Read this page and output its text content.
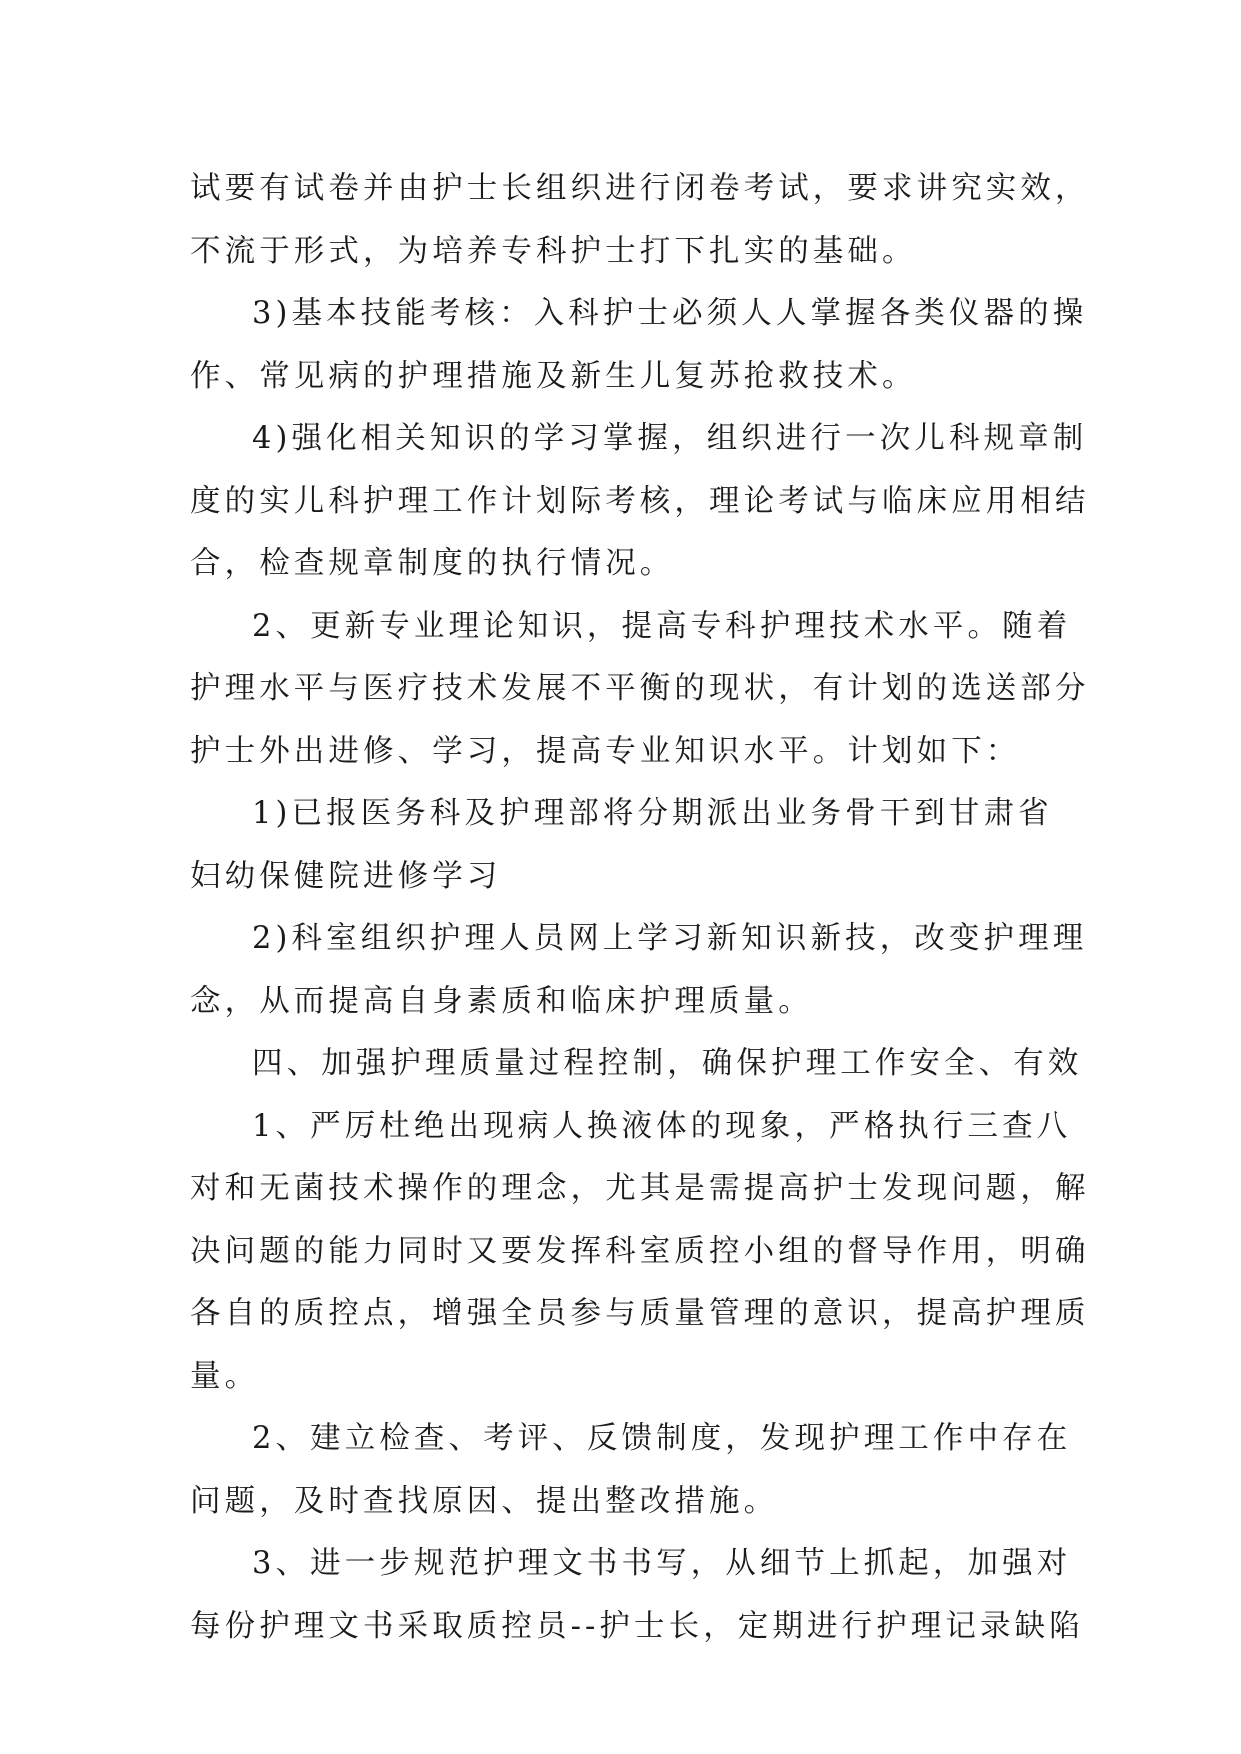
试要有试卷并由护士长组织进行闭卷考试，要求讲究实效，
不流于形式，为培养专科护士打下扎实的基础。

3)基本技能考核：入科护士必须人人掌握各类仪器的操
作、常见病的护理措施及新生儿复苏抢救技术。

4)强化相关知识的学习掌握，组织进行一次儿科规章制
度的实儿科护理工作计划际考核，理论考试与临床应用相结
合，检查规章制度的执行情况。

2、更新专业理论知识，提高专科护理技术水平。随着
护理水平与医疗技术发展不平衡的现状，有计划的选送部分
护士外出进修、学习，提高专业知识水平。计划如下：

1)已报医务科及护理部将分期派出业务骨干到甘肃省
妇幼保健院进修学习

2)科室组织护理人员网上学习新知识新技，改变护理理
念，从而提高自身素质和临床护理质量。

四、加强护理质量过程控制，确保护理工作安全、有效

1、严厉杜绝出现病人换液体的现象，严格执行三查八
对和无菌技术操作的理念，尤其是需提高护士发现问题，解
决问题的能力同时又要发挥科室质控小组的督导作用，明确
各自的质控点，增强全员参与质量管理的意识，提高护理质
量。

2、建立检查、考评、反馈制度，发现护理工作中存在
问题，及时查找原因、提出整改措施。

3、进一步规范护理文书书写，从细节上抓起，加强对
每份护理文书采取质控员--护士长，定期进行护理记录缺陷
